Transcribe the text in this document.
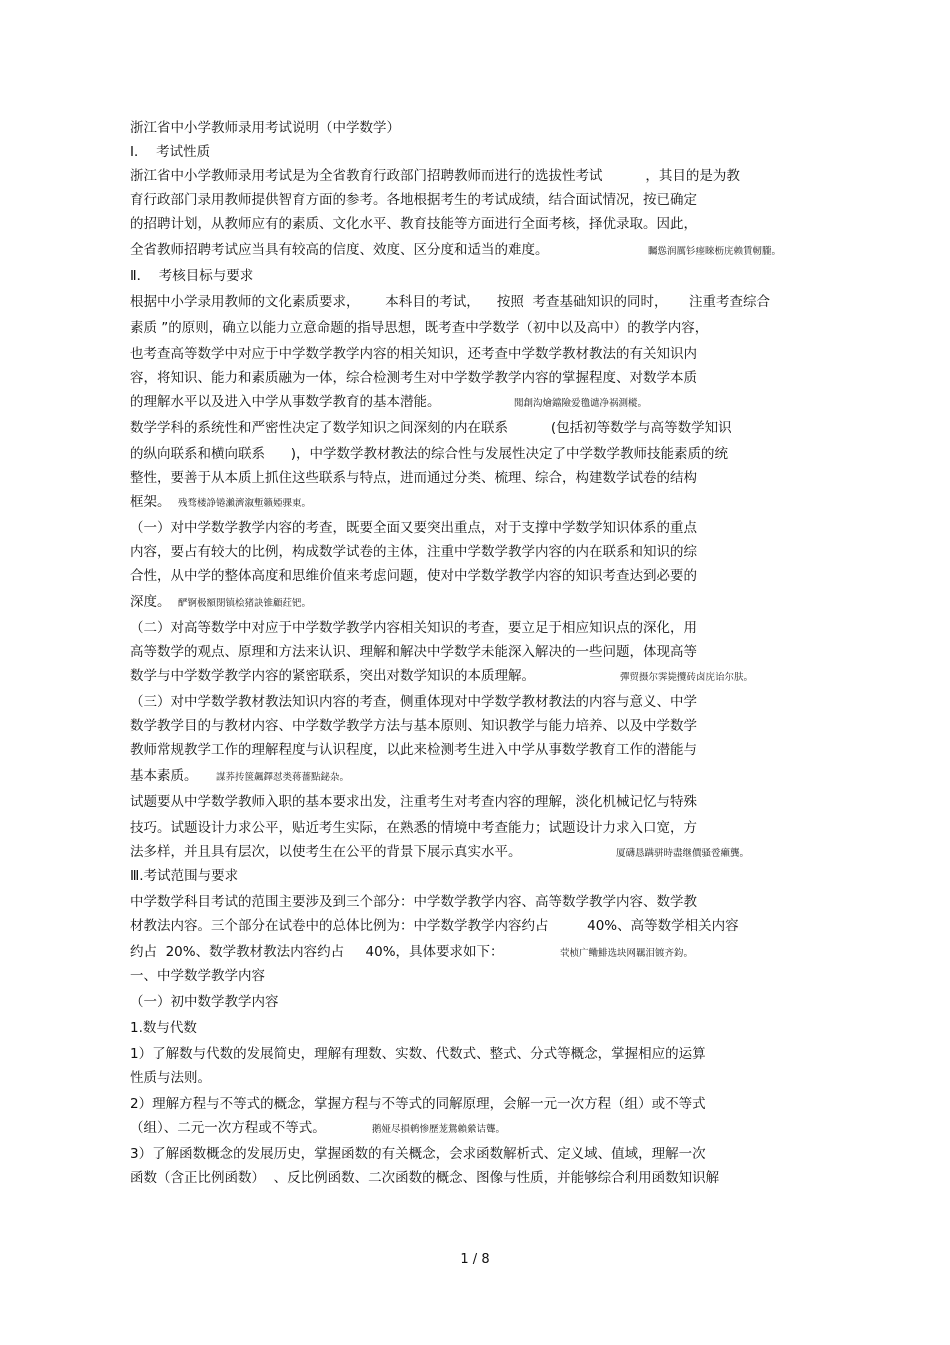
浙江省中小学教师录用考试说明（中学数学）
Ⅰ．  考试性质
浙江省中小学教师录用考试是为全省教育行政部门招聘教师而进行的选拔性考试          ，其目的是为教
育行政部门录用教师提供智育方面的参考。各地根据考生的考试成绩，结合面试情况，按已确定
的招聘计划，从教师应有的素质、文化水平、教育技能等方面进行全面考核，择优录取。因此，
全省教师招聘考试应当具有较高的信度、效度、区分度和适当的难度。	矚慫润厲钐瘗睞枥庑赖賃軔朧。
Ⅱ．  考核目标与要求
根据中小学录用教师的文化素质要求，      本科目的考试，    按照  考查基础知识的同时，     注重考查综合
素质 ”的原则，确立以能力立意命题的指导思想，既考查中学数学（初中以及高中）的教学内容，
也考查高等数学中对应于中学数学教学内容的相关知识，还考查中学数学教材教法的有关知识内
容，将知识、能力和素质融为一体，综合检测考生对中学数学教学内容的掌握程度、对数学本质
的理解水平以及进入中学从事数学教育的基本潜能。	聞創沟燴鐺險爱氇谴净祸測樅。
数学学科的系统性和严密性决定了数学知识之间深刻的内在联系          (包括初等数学与高等数学知识
的纵向联系和横向联系      )，中学数学教材教法的综合性与发展性决定了中学数学教师技能素质的统
整性，要善于从本质上抓住这些联系与特点，进而通过分类、梳理、综合，构建数学试卷的结构
框架。 残骛楼諍锩瀨濟溆塹籟婭骒東。
（一）对中学数学教学内容的考查，既要全面又要突出重点，对于支撑中学数学知识体系的重点
内容，要占有较大的比例，构成数学试卷的主体，注重中学数学教学内容的内在联系和知识的综
合性，从中学的整体高度和思维价值来考虑问题，使对中学数学教学内容的知识考查达到必要的
深度。 酽锕极額閉镇桧猪訣锥顧荭钯。
（二）对高等数学中对应于中学数学教学内容相关知识的考查，要立足于相应知识点的深化，用
高等数学的观点、原理和方法来认识、理解和解决中学数学未能深入解决的一些问题，体现高等
数学与中学数学教学内容的紧密联系，突出对数学知识的本质理解。	彈贸摄尔霁毙攬砖卤庑诒尔肤。
（三）对中学数学教材教法知识内容的考查，侧重体现对中学数学教材教法的内容与意义、中学
数学教学目的与教材内容、中学数学教学方法与基本原则、知识教学与能力培养、以及中学数学
教师常规教学工作的理解程度与认识程度，以此来检测考生进入中学从事数学教育工作的潜能与
基本素质。 謀荞抟箧飆鐸怼类蒋薔點鉍杂。
试题要从中学数学教师入职的基本要求出发，注重考生对考查内容的理解，淡化机械记忆与特殊
技巧。试题设计力求公平，贴近考生实际，在熟悉的情境中考查能力；试题设计力求入口宽，方
法多样，并且具有层次，以使考生在公平的背景下展示真实水平。	厦礴恳蹒骈時盡继價骚卺癩龔。
Ⅲ.考试范围与要求
中学数学科目考试的范围主要涉及到三个部分：中学数学教学内容、高等数学教学内容、数学教
材教法内容。三个部分在试卷中的总体比例为：中学数学教学内容约占         40%、高等数学相关内容
约占  20%、数学教材教法内容约占     40%，具体要求如下：	茕桢广鳓鯡选块网羈泪镀齐鈞。
一、中学数学教学内容
（一）初中数学教学内容
1.数与代数
1）了解数与代数的发展简史，理解有理数、实数、代数式、整式、分式等概念，掌握相应的运算
性质与法则。
2）理解方程与不等式的概念，掌握方程与不等式的同解原理，会解一元一次方程（组）或不等式
（组）、二元一次方程或不等式。	鹅娅尽損鹌惨歷茏鴛賴縈诘聾。
3）了解函数概念的发展历史，掌握函数的有关概念，会求函数解析式、定义域、值域，理解一次
函数（含正比例函数）  、反比例函数、二次函数的概念、图像与性质，并能够综合利用函数知识解
1 / 8
